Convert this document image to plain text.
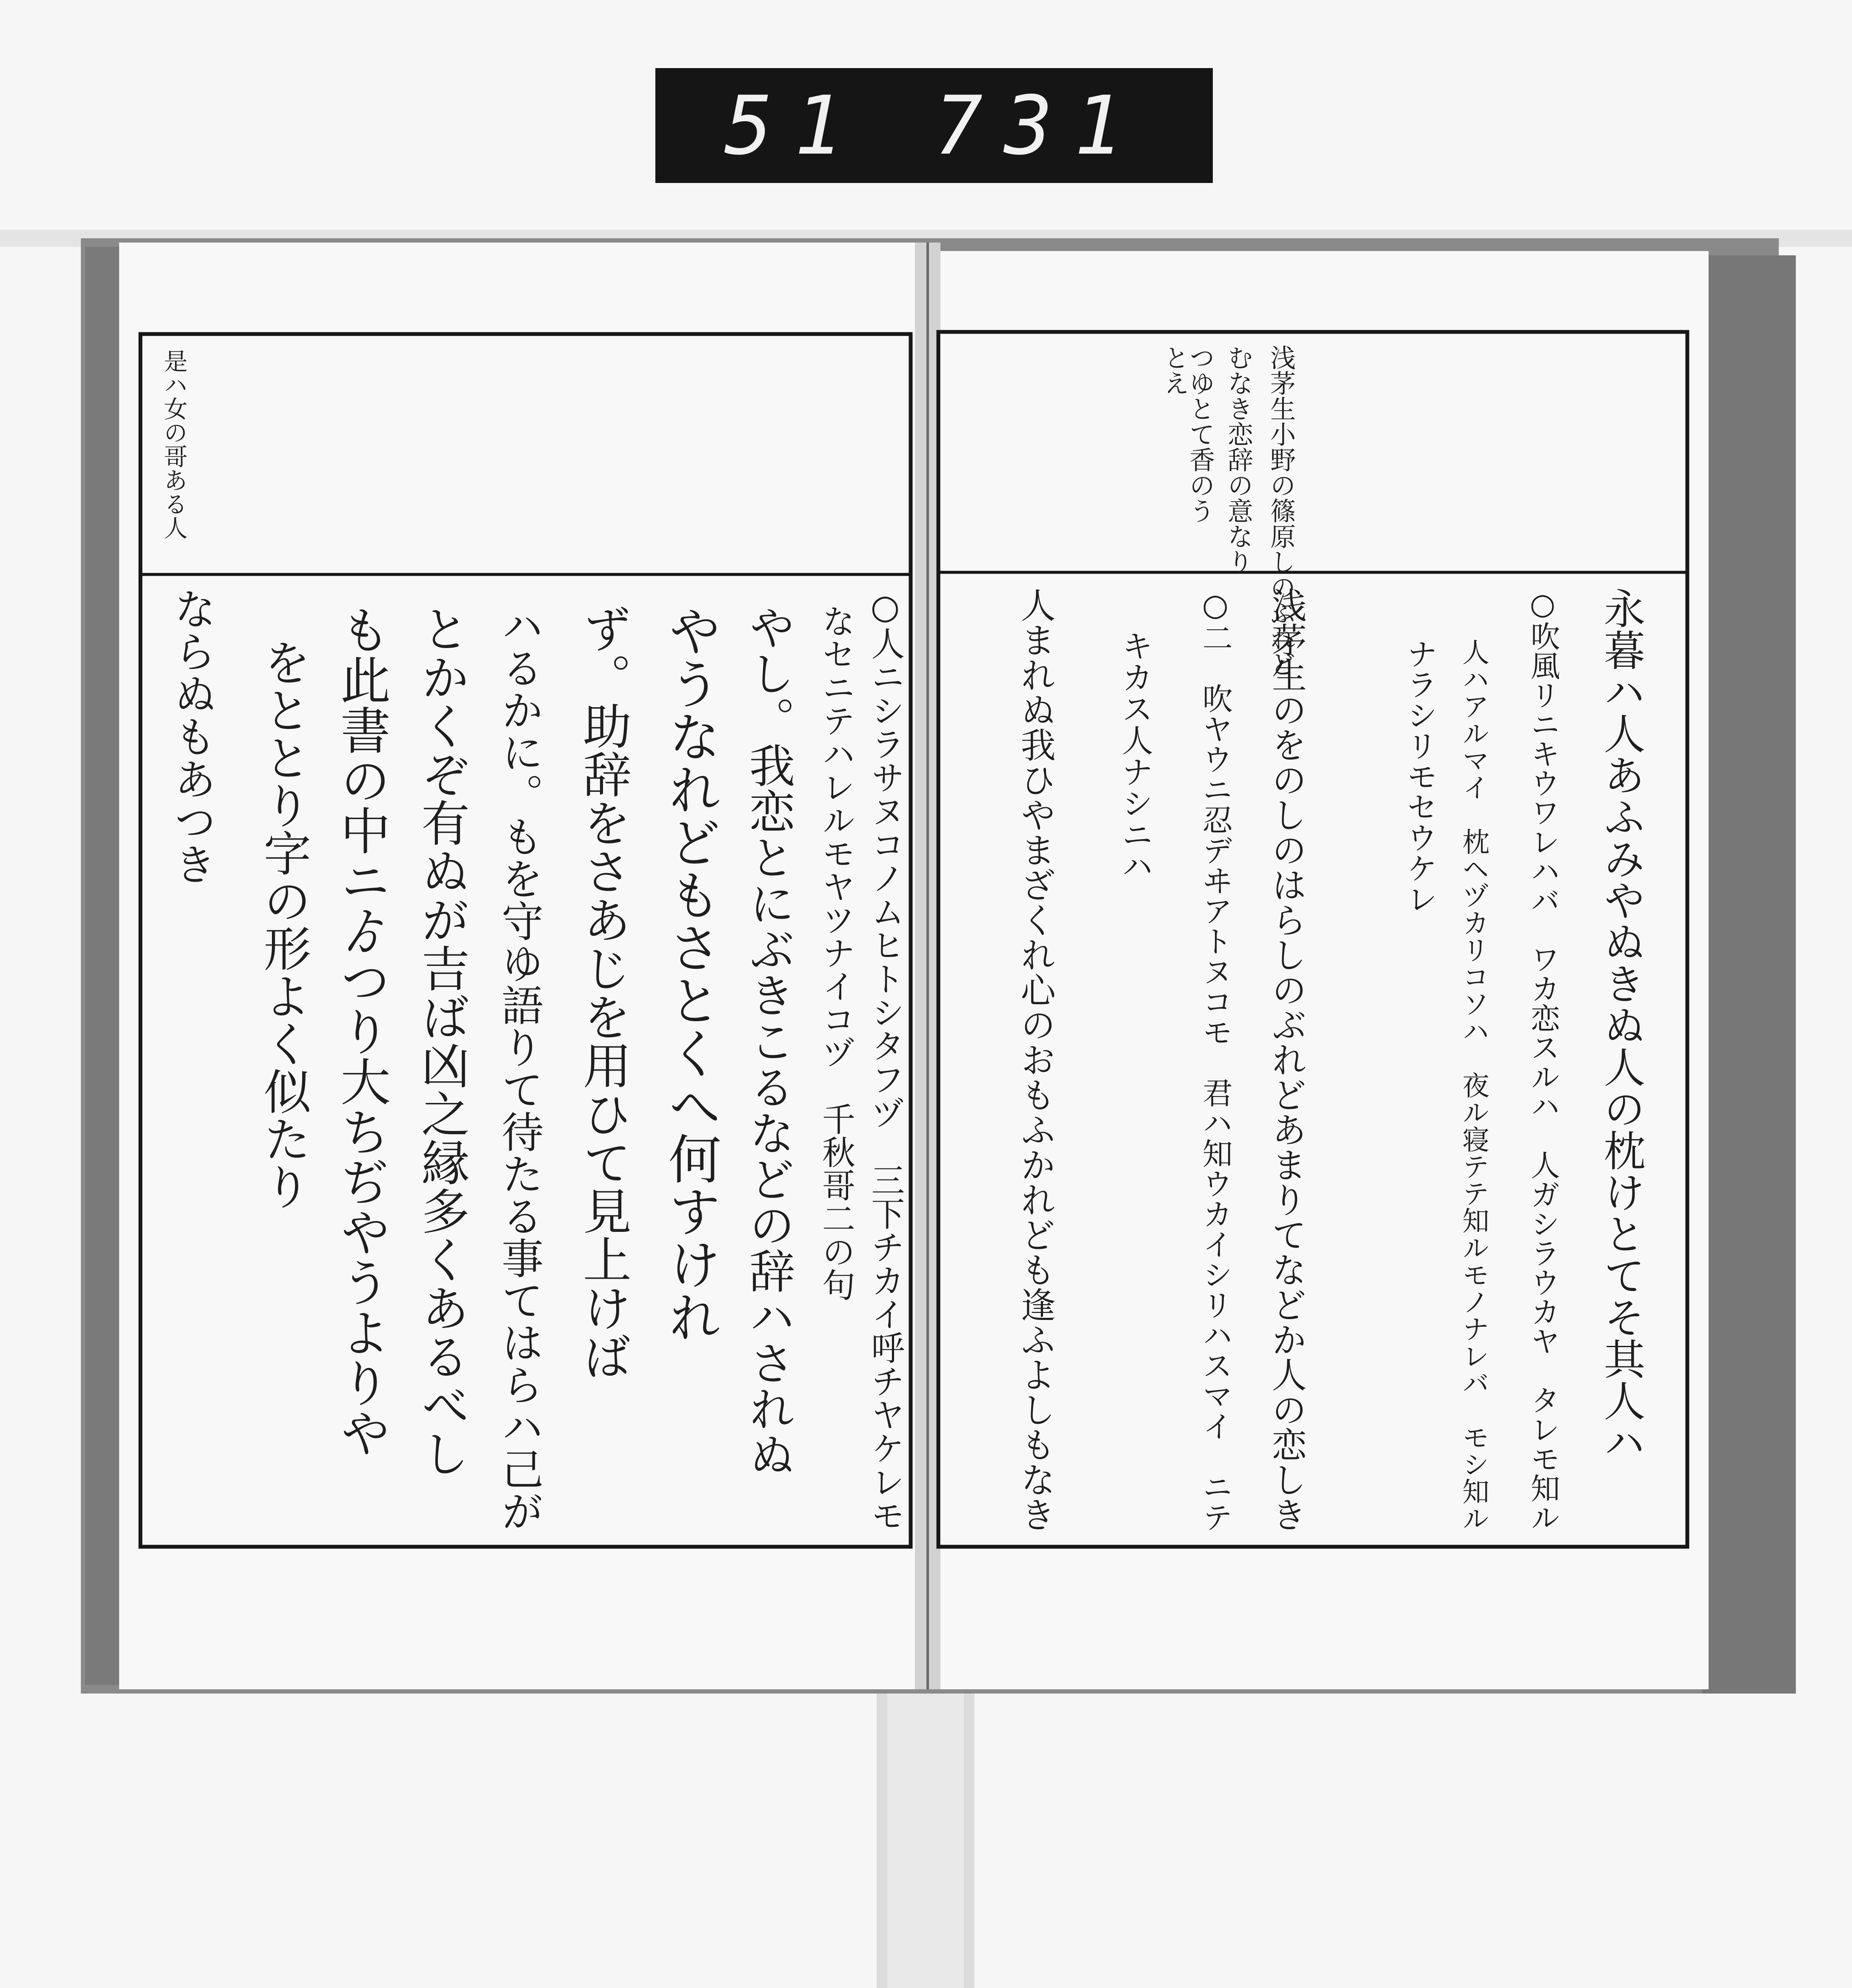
51 731
是ハ女の哥ある人
ならぬもあつき をととり字の形よく似たり も此書の中ニゟつり大ちぢやうよりや とかくぞ有ぬが吉ば凶之縁多くあるべし ハるかに。もを守ゆ語りて待たる事てはらハ己が ず。助辞をさあじを用ひて見上けば やうなれどもさとくへ何すけれ やし。我恋とにぶきこるなどの辞ハされぬ なセニテハレルモヤツナイコヅ　千秋哥二の句 ○人ニシラサヌコノムヒトシタフヅ　三下チカイ呼チヤケレモ
浅茅生小野の篠原しのぶれど
むなき恋辞の意なり
つゆとて香のう
とえ
永暮ハ人あふみやぬきぬ人の枕けとてそ其人ハ
○吹風リニキウワレハバ　ワカ恋スルハ　人ガシラウカヤ　タレモ知ル
人ハアルマイ　枕ヘヅカリコソハ　夜ル寝テテ知ルモノナレバ　モシ知ル
ナラシリモセウケレ
浅茅生のをのしのはらしのぶれどあまりてなどか人の恋しき
○二　吹ヤウニ忍デヰアトヌコモ　君ハ知ウカイシリハスマイ　ニテ
キカス人ナシニハ
人まれぬ我ひやまざくれ心のおもふかれども逢ふよしもなき
